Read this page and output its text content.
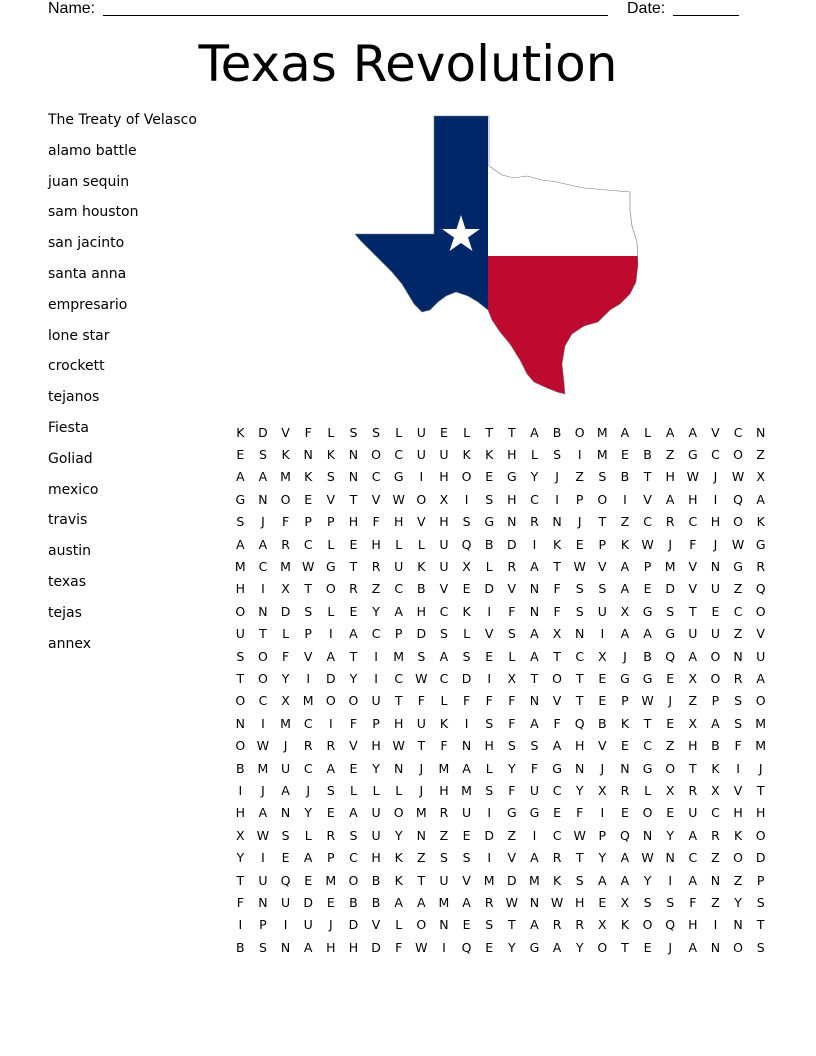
Name:	Date:
Texas Revolution
The Treaty of Velasco
alamo battle
juan sequin
sam houston
san jacinto
santa anna
empresario
lone star
crockett
tejanos
Fiesta
Goliad
mexico
travis
austin
texas
tejas
annex
K	D	V	F	L	S	S	L	U	E	L	T	T	A	B	O	M	A	L	A	A	V	C	N
E	S	K	N	K	N	O	C	U	U	K	K	H	L	S	I	M	E	B	Z	G	C	O	Z
A	A	M	K	S	N	C	G	I	H	O	E	G	Y	J	Z	S	B	T	H	W	J	W	X
G	N	O	E	V	T	V	W	O	X	I	S	H	C	I	P	O	I	V	A	H	I	Q	A
S	J	F	P	P	H	F	H	V	H	S	G	N	R	N	J	T	Z	C	R	C	H	O	K
A	A	R	C	L	E	H	L	L	U	Q	B	D	I	K	E	P	K	W	J	F	J	W	G
M	C	M	W	G	T	R	U	K	U	X	L	R	A	T	W	V	A	P	M	V	N	G	R
H	I	X	T	O	R	Z	C	B	V	E	D	V	N	F	S	S	A	E	D	V	U	Z	Q
O	N	D	S	L	E	Y	A	H	C	K	I	F	N	F	S	U	X	G	S	T	E	C	O
U	T	L	P	I	A	C	P	D	S	L	V	S	A	X	N	I	A	A	G	U	U	Z	V
S	O	F	V	A	T	I	M	S	A	S	E	L	A	T	C	X	J	B	Q	A	O	N	U
T	O	Y	I	D	Y	I	C	W	C	D	I	X	T	O	T	E	G	G	E	X	O	R	A
O	C	X	M	O	O	U	T	F	L	F	F	F	N	V	T	E	P	W	J	Z	P	S	O
N	I	M	C	I	F	P	H	U	K	I	S	F	A	F	Q	B	K	T	E	X	A	S	M
O	W	J	R	R	V	H	W	T	F	N	H	S	S	A	H	V	E	C	Z	H	B	F	M
B	M	U	C	A	E	Y	N	J	M	A	L	Y	F	G	N	J	N	G	O	T	K	I	J
I	J	A	J	S	L	L	L	J	H	M	S	F	U	C	Y	X	R	L	X	R	X	V	T
H	A	N	Y	E	A	U	O	M	R	U	I	G	G	E	F	I	E	O	E	U	C	H	H
X	W	S	L	R	S	U	Y	N	Z	E	D	Z	I	C	W	P	Q	N	Y	A	R	K	O
Y	I	E	A	P	C	H	K	Z	S	S	I	V	A	R	T	Y	A	W	N	C	Z	O	D
T	U	Q	E	M	O	B	K	T	U	V	M	D	M	K	S	A	A	Y	I	A	N	Z	P
F	N	U	D	E	B	B	A	A	M	A	R	W	N	W	H	E	X	S	S	F	Z	Y	S
I	P	I	U	J	D	V	L	O	N	E	S	T	A	R	R	X	K	O	Q	H	I	N	T
B	S	N	A	H	H	D	F	W	I	Q	E	Y	G	A	Y	O	T	E	J	A	N	O	S
